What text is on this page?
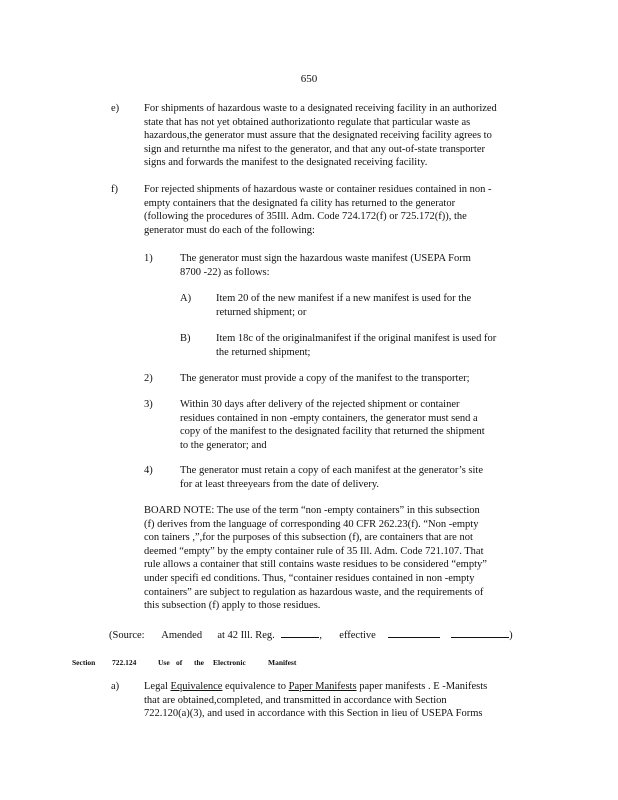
650
e) For shipments of hazardous waste to a designated receiving facility in an authorized
state that has not yet obtained authorizationto regulate that particular waste as
hazardous,the generator must assure that the designated receiving facility agrees to
sign and returnthe ma nifest to the generator, and that any out-of-state transporter
signs and forwards the manifest to the designated receiving facility.
f) For rejected shipments of hazardous waste or container residues contained in non -
empty containers that the designated fa cility has returned to the generator
(following the procedures of 35Ill. Adm. Code 724.172(f) or 725.172(f)), the
generator must do each of the following:
1)	The generator must sign the hazardous waste manifest (USEPA Form
8700 -22) as follows:
A) Item 20 of the new manifest if a new manifest is used for the
returned shipment; or
B) Item 18c of the originalmanifest if the original manifest is used for
the returned shipment;
2)	The generator must provide a copy of the manifest to the transporter;
3)	Within 30 days after delivery of the rejected shipment or container
residues contained in non -empty containers, the generator must send a
copy of the manifest to the designated facility that returned the shipment
to the generator; and
4)	The generator must retain a copy of each manifest at the generator’s site
for at least threeyears from the date of delivery.
BOARD NOTE: The use of the term “non -empty containers” in this subsection
(f) derives from the language of corresponding 40 CFR 262.23(f). “Non -empty
con tainers ,”,for the purposes of this subsection (f), are containers that are not
deemed “empty” by the empty container rule of 35 Ill. Adm. Code 721.107. That
rule allows a container that still contains waste residues to be considered “empty”
under specifi ed conditions. Thus, “container residues contained in non -empty
containers” are subject to regulation as hazardous waste, and the requirements of
this subsection (f) apply to those residues.
(Source: Amended at 42 Ill. Reg.	, effective	)
Section 722.124	Use of the Electronic	Manifest
a) Legal Equivalence equivalence to Paper Manifests paper manifests . E -Manifests
that are obtained,completed, and transmitted in accordance with Section
722.120(a)(3), and used in accordance with this Section in lieu of USEPA Forms
